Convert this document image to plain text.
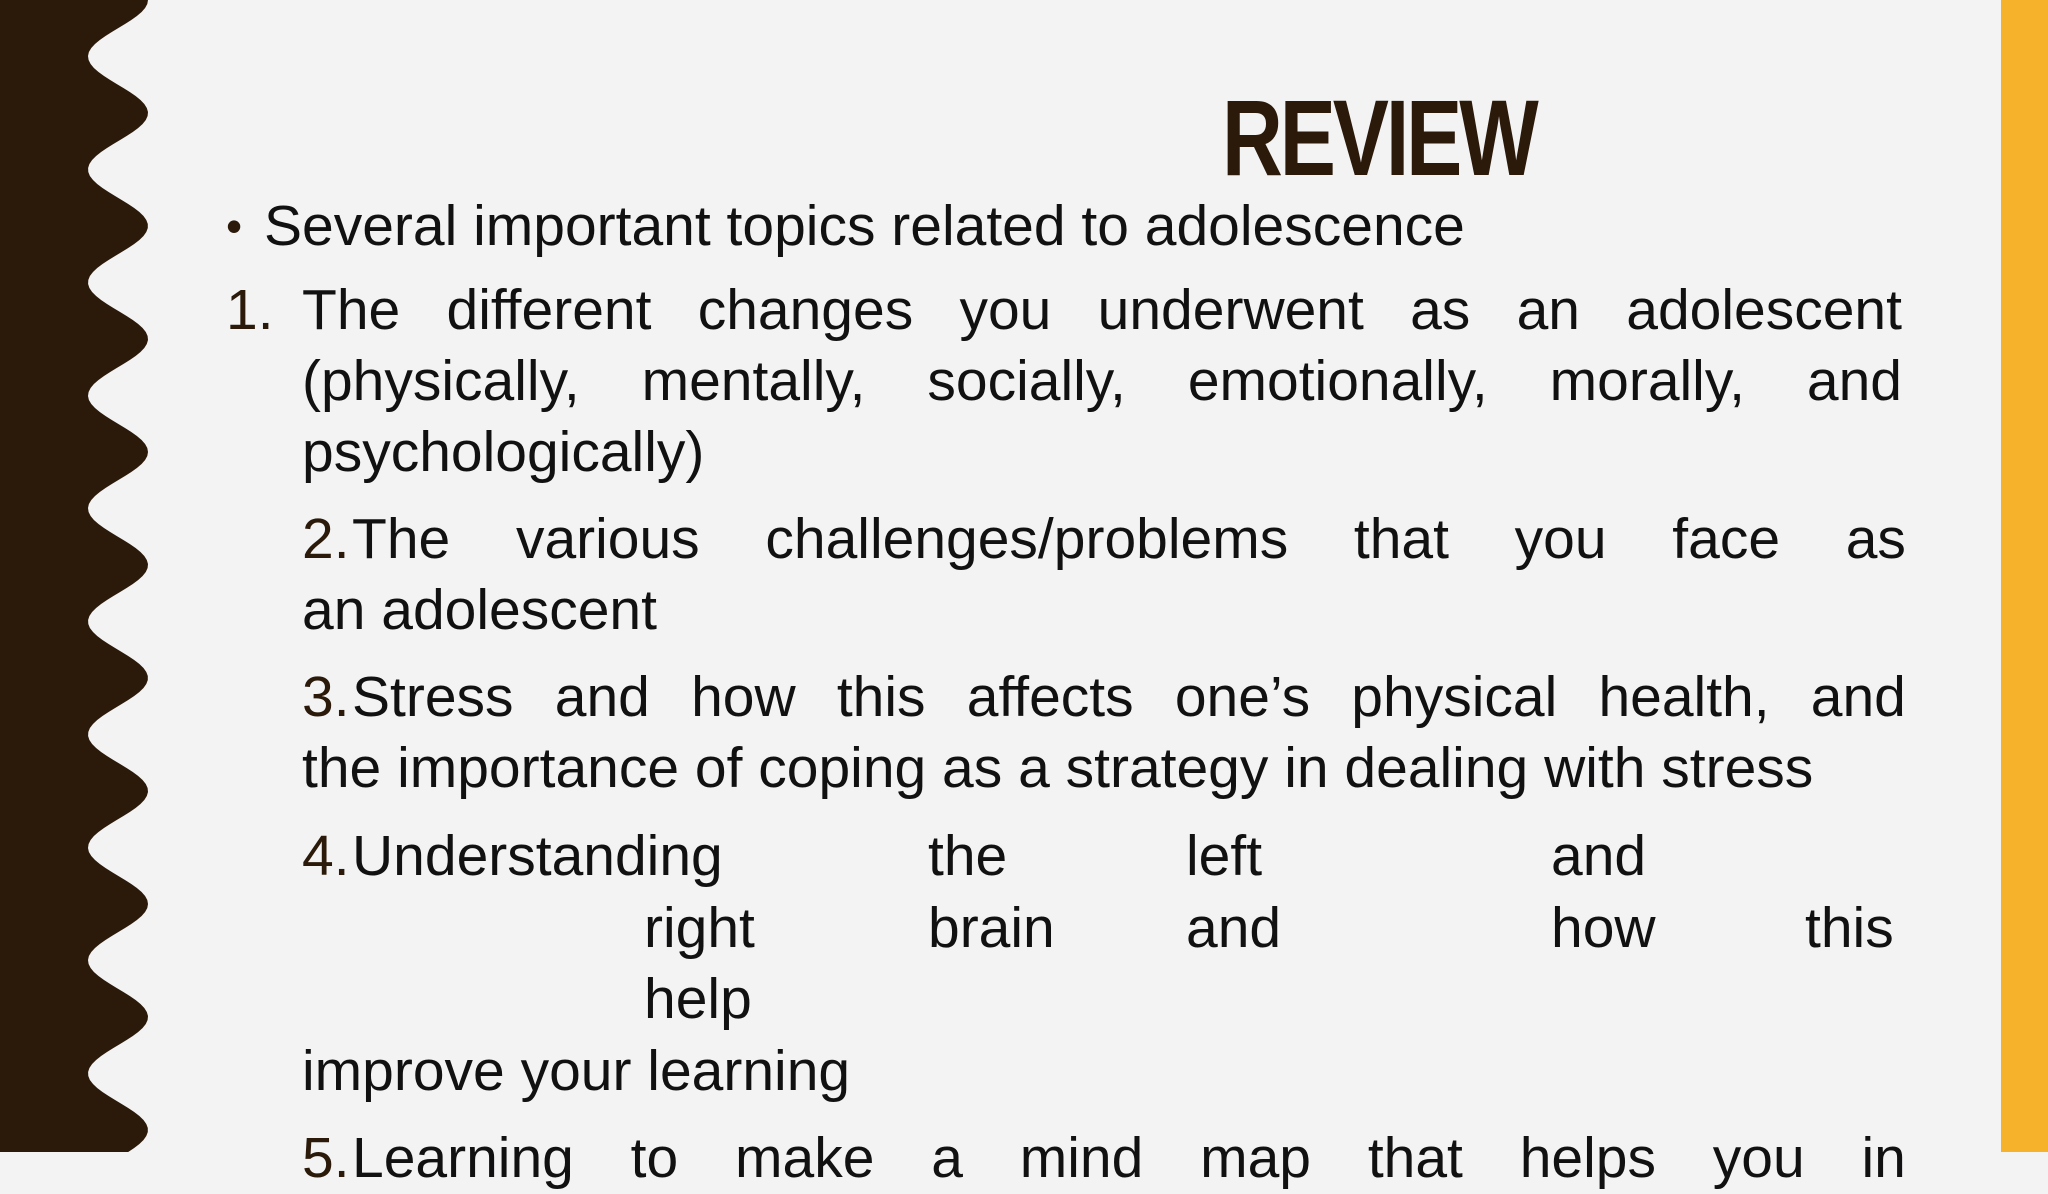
REVIEW
• Several important topics related to adolescence
1. The different changes you underwent as an adolescent
(physically, mentally, socially, emotionally, morally, and
psychologically)
2. The various challenges/problems that you face as
an adolescent
3. Stress and how this affects one’s physical health, and
the importance of coping as a strategy in dealing with stress
4. Understanding	the	left	and
right	brain and	how	this
help
improve your learning
5. Learning to make a mind map that helps you in
